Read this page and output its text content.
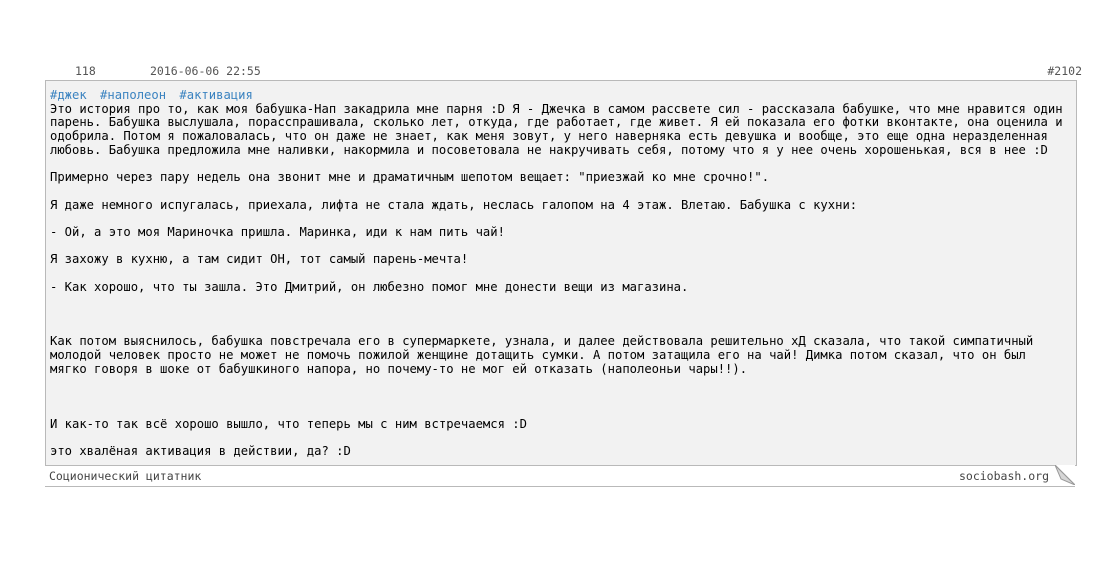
118	2016-06-06 22:55	#2102
#джек #наполеон #активация

Это история про то, как моя бабушка-Нап закадрила мне парня :D Я - Джечка в самом рассвете сил - рассказала бабушке, что мне нравится один парень. Бабушка выслушала, порасспрашивала, сколько лет, откуда, где работает, где живет. Я ей показала его фотки вконтакте, она оценила и одобрила. Потом я пожаловалась, что он даже не знает, как меня зовут, у него наверняка есть девушка и вообще, это еще одна неразделенная любовь. Бабушка предложила мне наливки, накормила и посоветовала не накручивать себя, потому что я у нее очень хорошенькая, вся в нее :D

Примерно через пару недель она звонит мне и драматичным шепотом вещает: "приезжай ко мне срочно!".

Я даже немного испугалась, приехала, лифта не стала ждать, неслась галопом на 4 этаж. Влетаю. Бабушка с кухни:

- Ой, а это моя Мариночка пришла. Маринка, иди к нам пить чай!

Я захожу в кухню, а там сидит ОН, тот самый парень-мечта!

- Как хорошо, что ты зашла. Это Дмитрий, он любезно помог мне донести вещи из магазина.

Как потом выяснилось, бабушка повстречала его в супермаркете, узнала, и далее действовала решительно хД сказала, что такой симпатичный молодой человек просто не может не помочь пожилой женщине дотащить сумки. А потом затащила его на чай! Димка потом сказал, что он был мягко говоря в шоке от бабушкиного напора, но почему-то не мог ей отказать (наполеоньи чары!!).

И как-то так всё хорошо вышло, что теперь мы с ним встречаемся :D

это хвалёная активация в действии, да? :D

Соционический цитатник	sociobash.org
